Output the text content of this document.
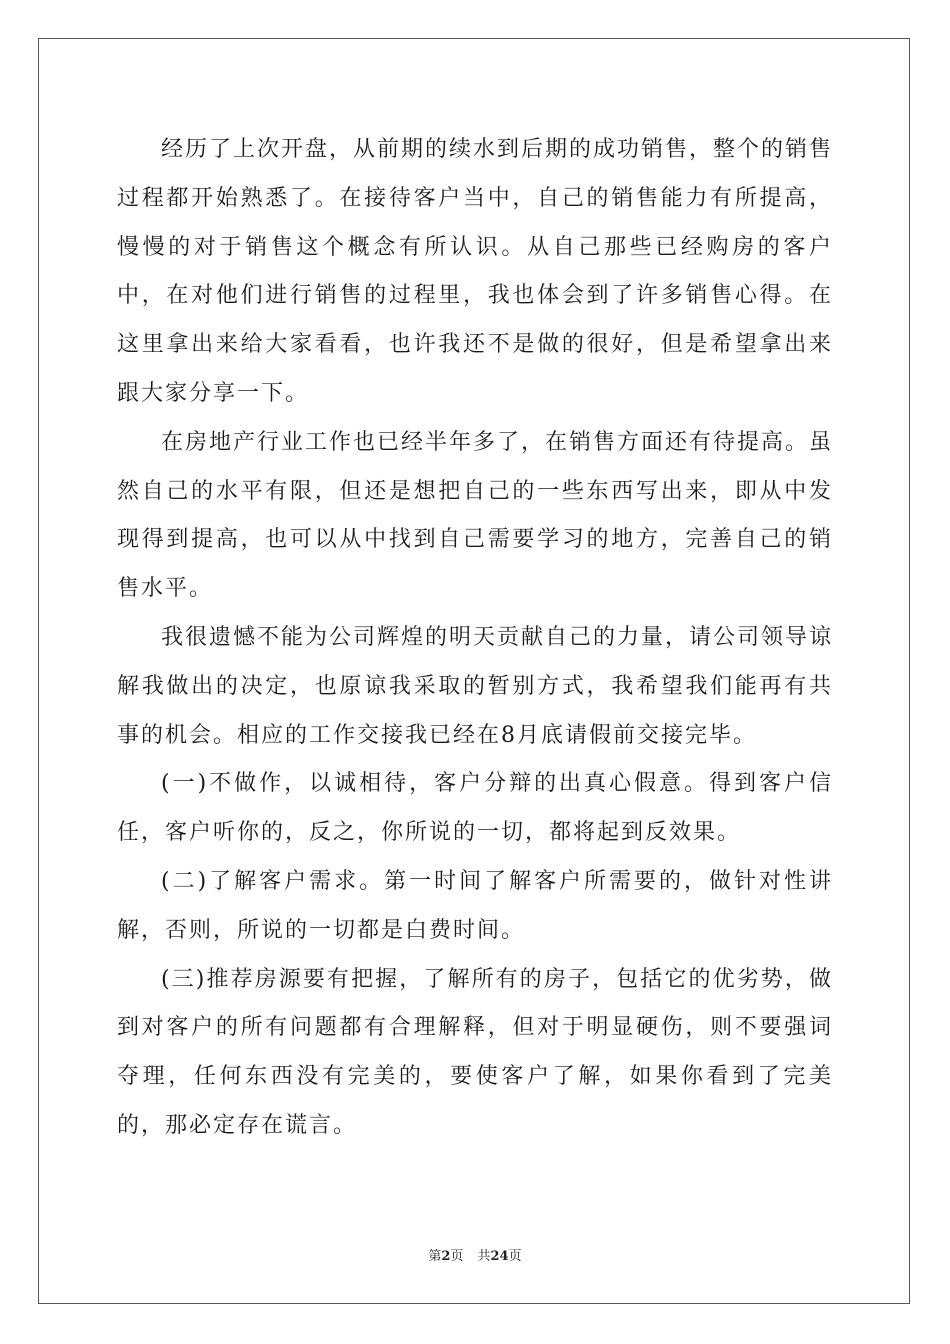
经历了上次开盘，从前期的续水到后期的成功销售，整个的销售过程都开始熟悉了。在接待客户当中，自己的销售能力有所提高，慢慢的对于销售这个概念有所认识。从自己那些已经购房的客户中，在对他们进行销售的过程里，我也体会到了许多销售心得。在这里拿出来给大家看看，也许我还不是做的很好，但是希望拿出来跟大家分享一下。

在房地产行业工作也已经半年多了，在销售方面还有待提高。虽然自己的水平有限，但还是想把自己的一些东西写出来，即从中发现得到提高，也可以从中找到自己需要学习的地方，完善自己的销售水平。

我很遗憾不能为公司辉煌的明天贡献自己的力量，请公司领导谅解我做出的决定，也原谅我采取的暂别方式，我希望我们能再有共事的机会。相应的工作交接我已经在8月底请假前交接完毕。

(一)不做作，以诚相待，客户分辩的出真心假意。得到客户信任，客户听你的，反之，你所说的一切，都将起到反效果。

(二)了解客户需求。第一时间了解客户所需要的，做针对性讲解，否则，所说的一切都是白费时间。

(三)推荐房源要有把握，了解所有的房子，包括它的优劣势，做到对客户的所有问题都有合理解释，但对于明显硬伤，则不要强词夺理，任何东西没有完美的，要使客户了解，如果你看到了完美的，那必定存在谎言。

第2页 共24页
